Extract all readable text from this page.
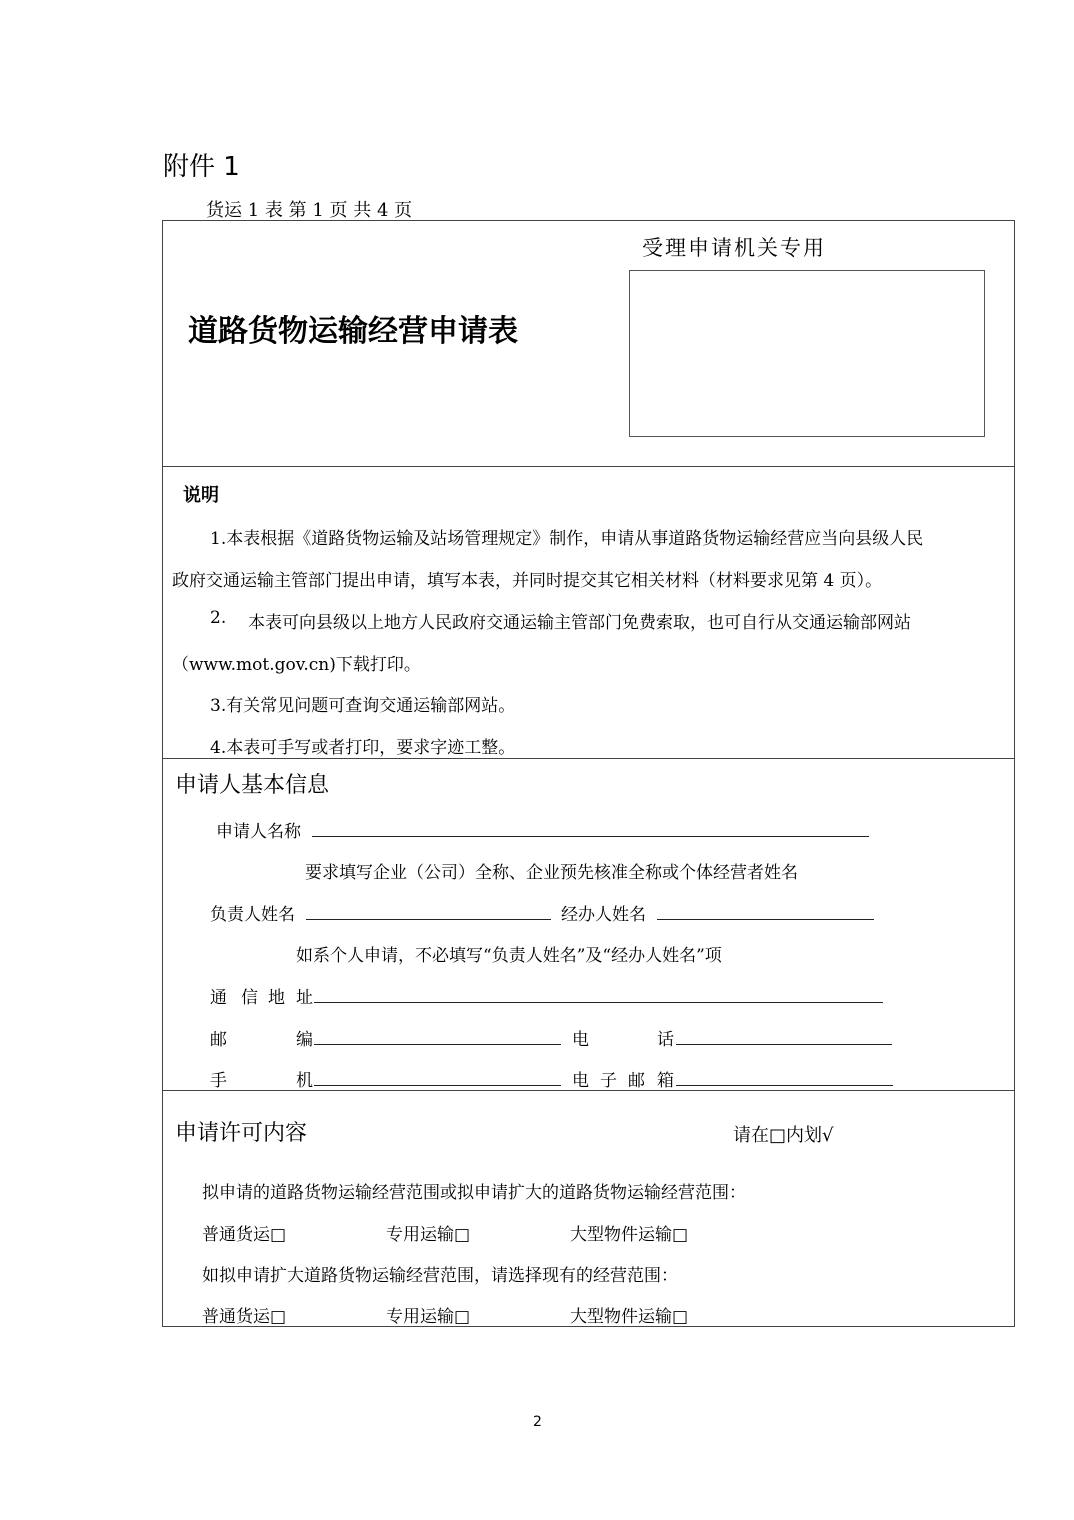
附件 1
货运 1 表 第 1 页 共 4 页
道路货物运输经营申请表
受理申请机关专用
说明
1.本表根据《道路货物运输及站场管理规定》制作，申请从事道路货物运输经营应当向县级人民
政府交通运输主管部门提出申请，填写本表，并同时提交其它相关材料（材料要求见第 4 页）。
2. 本表可向县级以上地方人民政府交通运输主管部门免费索取，也可自行从交通运输部网站
（www.mot.gov.cn)下载打印。
3.有关常见问题可查询交通运输部网站。
4.本表可手写或者打印，要求字迹工整。
申请人基本信息
申请人名称
要求填写企业（公司）全称、企业预先核准全称或个体经营者姓名
负责人姓名	经办人姓名
如系个人申请，不必填写“负责人姓名”及“经办人姓名”项
通 信 地 址
邮	编	电	话
手	机	电 子 邮 箱
申请许可内容	请在□内划√
拟申请的道路货物运输经营范围或拟申请扩大的道路货物运输经营范围：
普通货运□	专用运输□	大型物件运输□
如拟申请扩大道路货物运输经营范围，请选择现有的经营范围：
普通货运□	专用运输□	大型物件运输□
2
